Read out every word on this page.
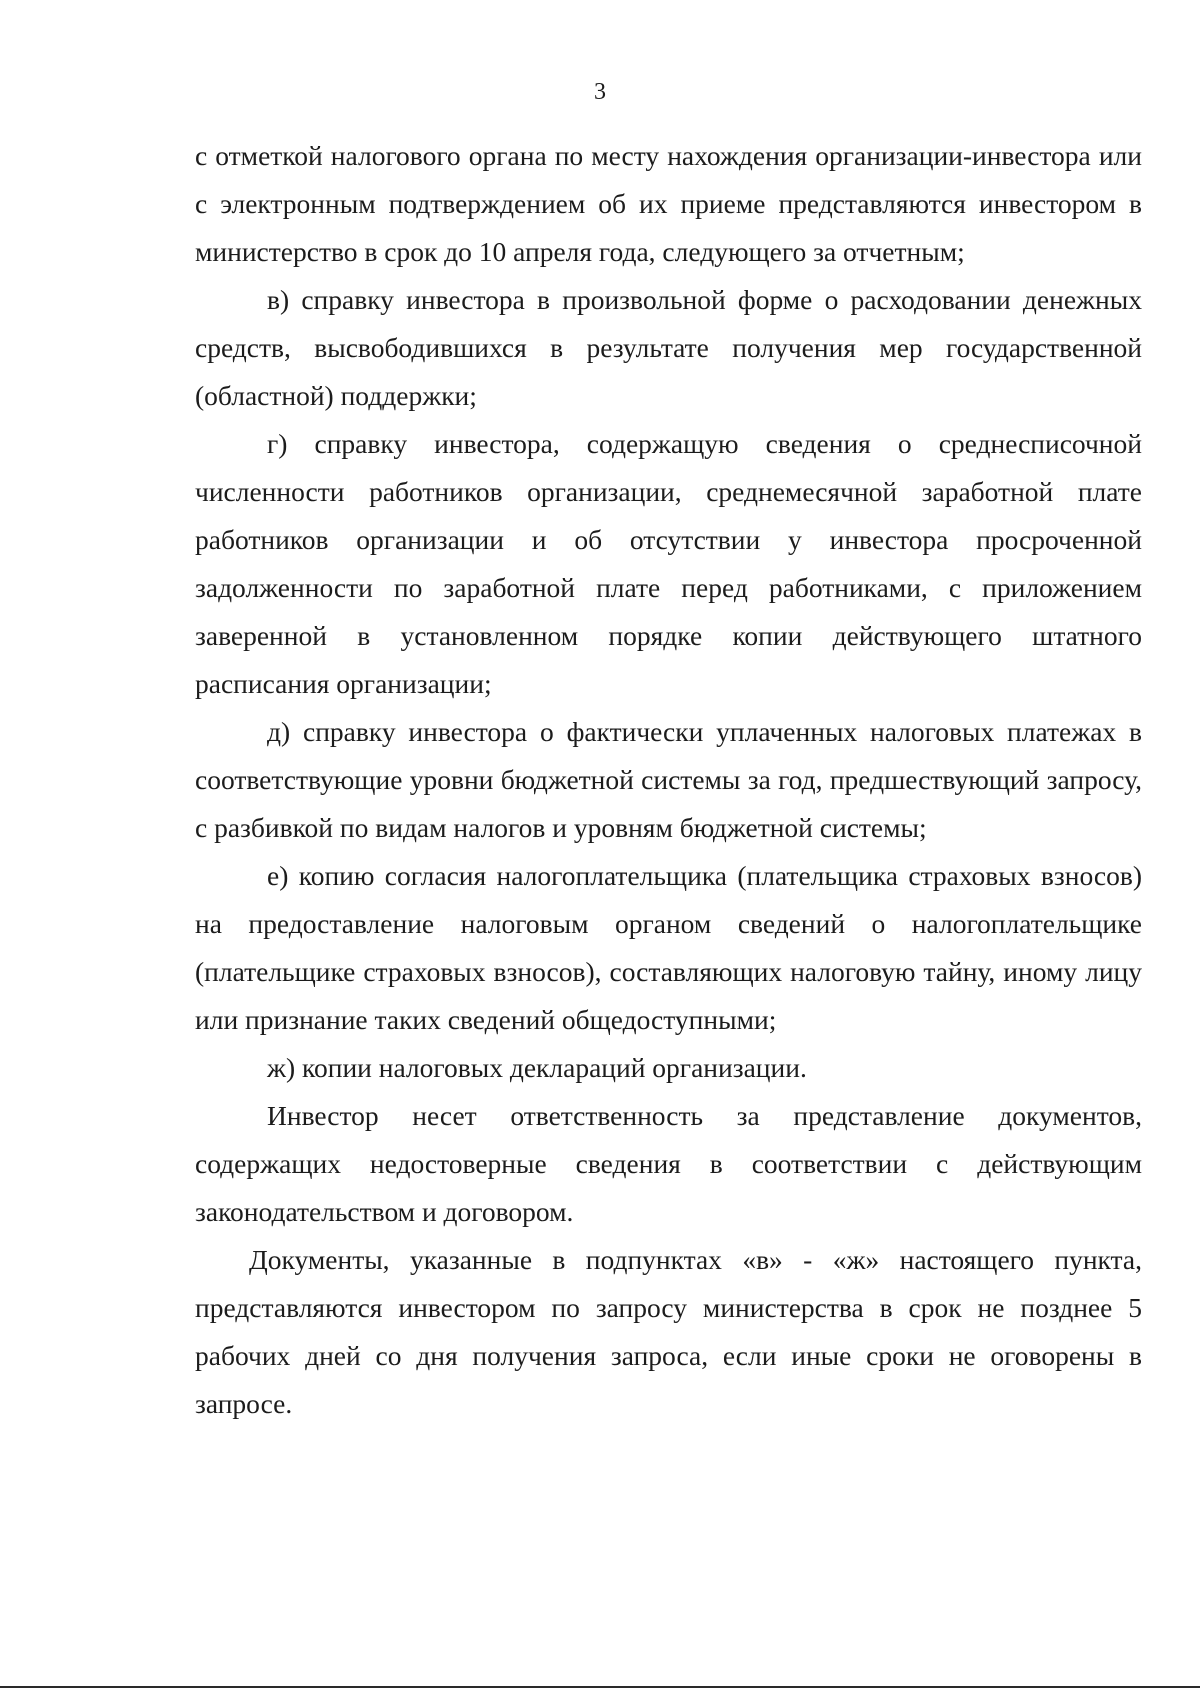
3

с отметкой налогового органа по месту нахождения организации-инвестора или с электронным подтверждением об их приеме представляются инвестором в министерство в срок до 10 апреля года, следующего за отчетным;

в) справку инвестора в произвольной форме о расходовании денежных средств, высвободившихся в результате получения мер государственной (областной) поддержки;

г) справку инвестора, содержащую сведения о среднесписочной численности работников организации, среднемесячной заработной плате работников организации и об отсутствии у инвестора просроченной задолженности по заработной плате перед работниками, с приложением заверенной в установленном порядке копии действующего штатного расписания организации;

д) справку инвестора о фактически уплаченных налоговых платежах в соответствующие уровни бюджетной системы за год, предшествующий запросу, с разбивкой по видам налогов и уровням бюджетной системы;

е) копию согласия налогоплательщика (плательщика страховых взносов) на предоставление налоговым органом сведений о налогоплательщике (плательщике страховых взносов), составляющих налоговую тайну, иному лицу или признание таких сведений общедоступными;

ж) копии налоговых деклараций организации.

Инвестор несет ответственность за представление документов, содержащих недостоверные сведения в соответствии с действующим законодательством и договором.

Документы, указанные в подпунктах «в» - «ж» настоящего пункта, представляются инвестором по запросу министерства в срок не позднее 5 рабочих дней со дня получения запроса, если иные сроки не оговорены в запросе.
